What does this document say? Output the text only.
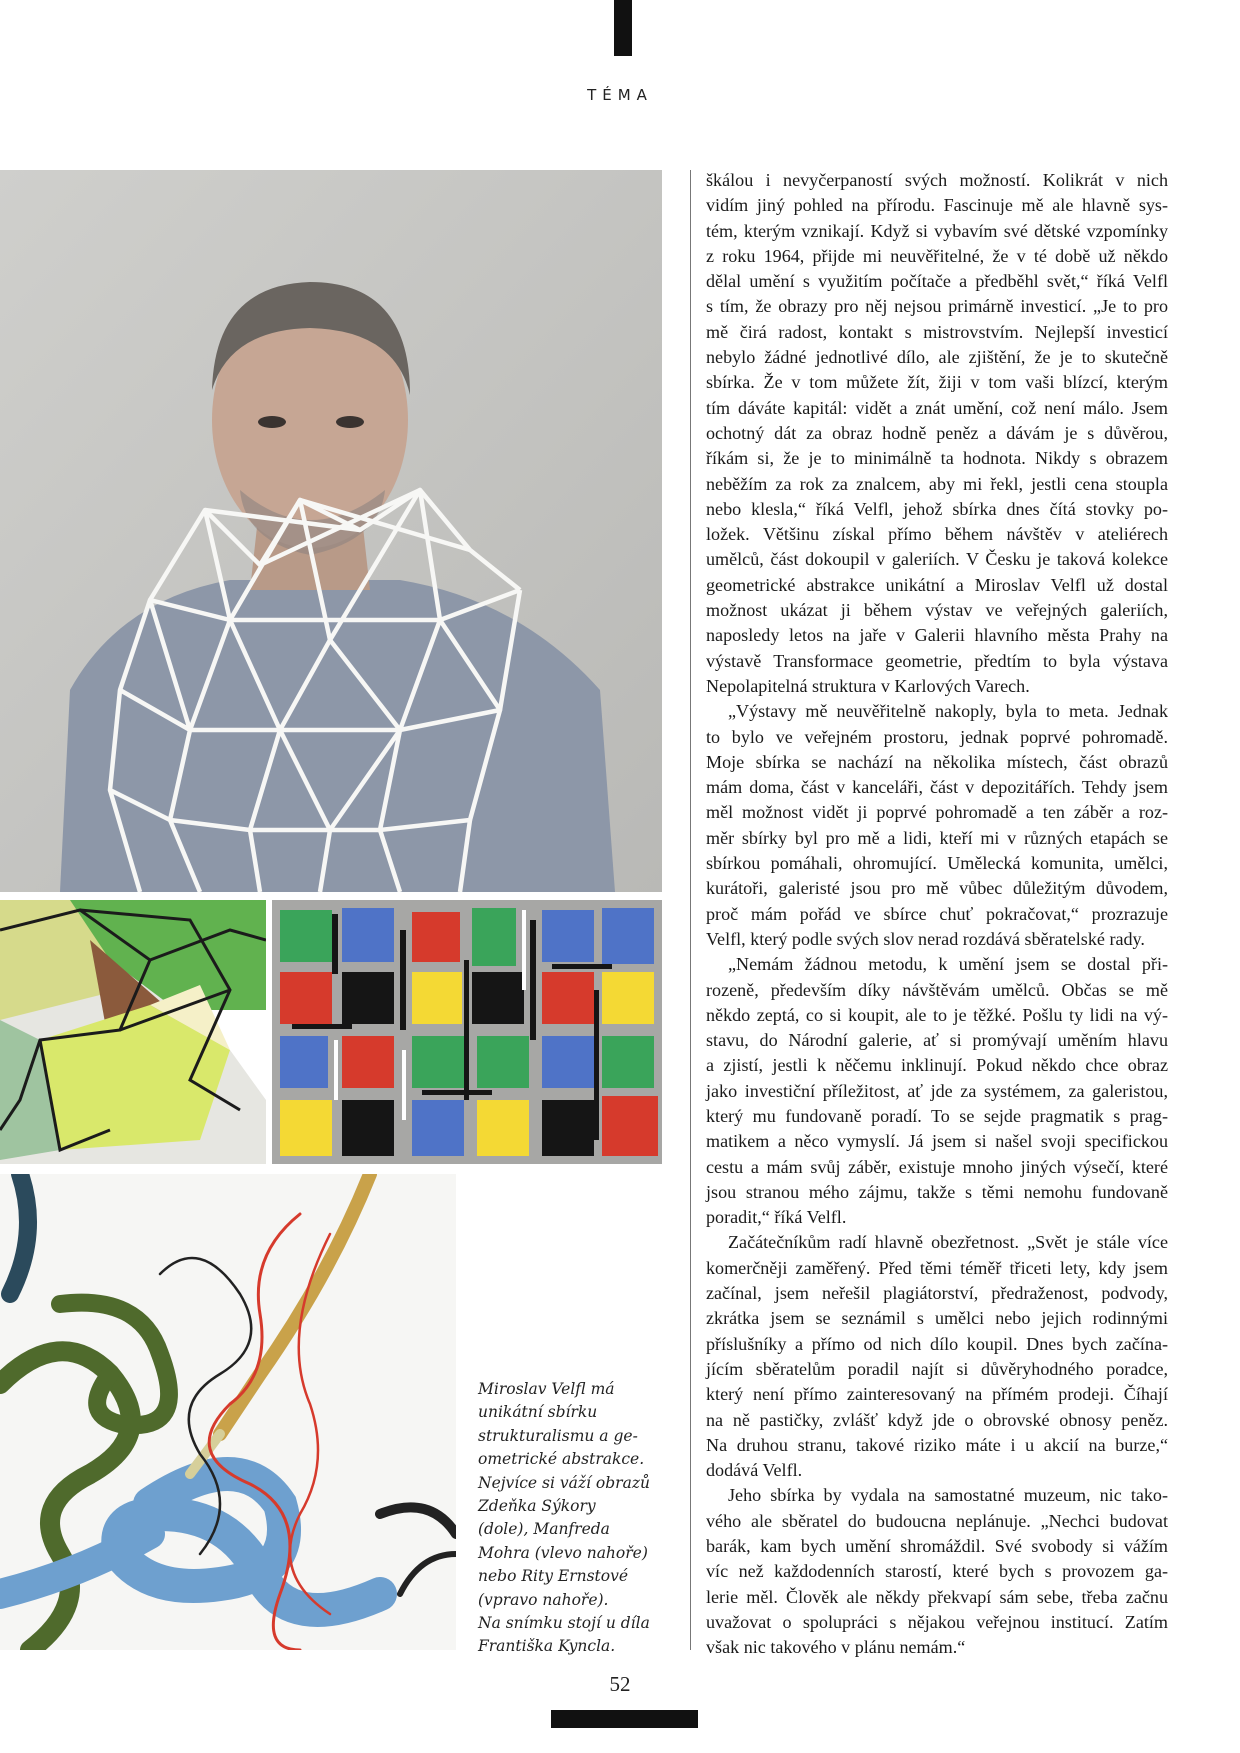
TÉMA
Miroslav Velfl má
unikátní sbírku
strukturalismu a ge-
ometrické abstrakce.
Nejvíce si váží obrazů
Zdeňka Sýkory
(dole), Manfreda
Mohra (vlevo nahoře)
nebo Rity Ernstové
(vpravo nahoře).
Na snímku stojí u díla
Františka Kyncla.
škálou i nevyčerpaností svých možností. Kolikrát v nich
vidím jiný pohled na přírodu. Fascinuje mě ale hlavně sys-
tém, kterým vznikají. Když si vybavím své dětské vzpomínky
z roku 1964, přijde mi neuvěřitelné, že v té době už někdo
dělal umění s využitím počítače a předběhl svět,“ říká Velfl
s tím, že obrazy pro něj nejsou primárně investicí. „Je to pro
mě čirá radost, kontakt s mistrovstvím. Nejlepší investicí
nebylo žádné jednotlivé dílo, ale zjištění, že je to skutečně
sbírka. Že v tom můžete žít, žiji v tom vaši blízcí, kterým
tím dáváte kapitál: vidět a znát umění, což není málo. Jsem
ochotný dát za obraz hodně peněz a dávám je s důvěrou,
říkám si, že je to minimálně ta hodnota. Nikdy s obrazem
neběžím za rok za znalcem, aby mi řekl, jestli cena stoupla
nebo klesla,“ říká Velfl, jehož sbírka dnes čítá stovky po-
ložek. Většinu získal přímo během návštěv v ateliérech
umělců, část dokoupil v galeriích. V Česku je taková kolekce
geometrické abstrakce unikátní a Miroslav Velfl už dostal
možnost ukázat ji během výstav ve veřejných galeriích,
naposledy letos na jaře v Galerii hlavního města Prahy na
výstavě Transformace geometrie, předtím to byla výstava
Nepolapitelná struktura v Karlových Varech.
„Výstavy mě neuvěřitelně nakoply, byla to meta. Jednak
to bylo ve veřejném prostoru, jednak poprvé pohromadě.
Moje sbírka se nachází na několika místech, část obrazů
mám doma, část v kanceláři, část v depozitářích. Tehdy jsem
měl možnost vidět ji poprvé pohromadě a ten záběr a roz-
měr sbírky byl pro mě a lidi, kteří mi v různých etapách se
sbírkou pomáhali, ohromující. Umělecká komunita, umělci,
kurátoři, galeristé jsou pro mě vůbec důležitým důvodem,
proč mám pořád ve sbírce chuť pokračovat,“ prozrazuje
Velfl, který podle svých slov nerad rozdává sběratelské rady.
„Nemám žádnou metodu, k umění jsem se dostal při-
rozeně, především díky návštěvám umělců. Občas se mě
někdo zeptá, co si koupit, ale to je těžké. Pošlu ty lidi na vý-
stavu, do Národní galerie, ať si promývají uměním hlavu
a zjistí, jestli k něčemu inklinují. Pokud někdo chce obraz
jako investiční příležitost, ať jde za systémem, za galeristou,
který mu fundovaně poradí. To se sejde pragmatik s prag-
matikem a něco vymyslí. Já jsem si našel svoji specifickou
cestu a mám svůj záběr, existuje mnoho jiných výsečí, které
jsou stranou mého zájmu, takže s těmi nemohu fundovaně
poradit,“ říká Velfl.
Začátečníkům radí hlavně obezřetnost. „Svět je stále více
komerčněji zaměřený. Před těmi téměř třiceti lety, kdy jsem
začínal, jsem neřešil plagiátorství, předraženost, podvody,
zkrátka jsem se seznámil s umělci nebo jejich rodinnými
příslušníky a přímo od nich dílo koupil. Dnes bych začína-
jícím sběratelům poradil najít si důvěryhodného poradce,
který není přímo zainteresovaný na přímém prodeji. Číhají
na ně pastičky, zvlášť když jde o obrovské obnosy peněz.
Na druhou stranu, takové riziko máte i u akcií na burze,“
dodává Velfl.
Jeho sbírka by vydala na samostatné muzeum, nic tako-
vého ale sběratel do budoucna neplánuje. „Nechci budovat
barák, kam bych umění shromáždil. Své svobody si vážím
víc než každodenních starostí, které bych s provozem ga-
lerie měl. Člověk ale někdy překvapí sám sebe, třeba začnu
uvažovat o spolupráci s nějakou veřejnou institucí. Zatím
však nic takového v plánu nemám.“
52
